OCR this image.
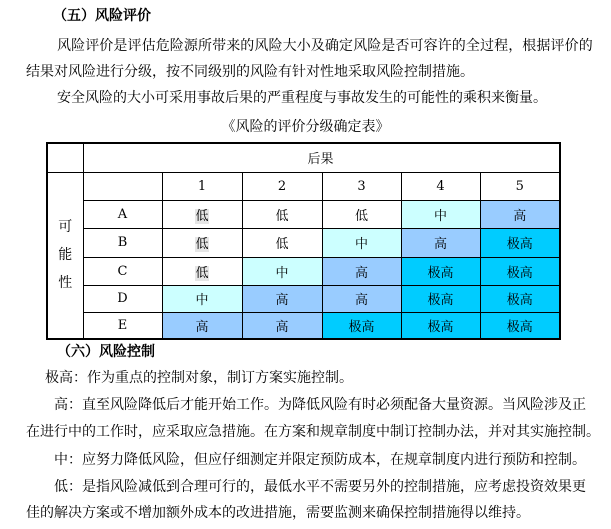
（五）风险评价
风险评价是评估危险源所带来的风险大小及确定风险是否可容许的全过程，根据评价的
结果对风险进行分级，按不同级别的风险有针对性地采取风险控制措施。
安全风险的大小可采用事故后果的严重程度与事故发生的可能性的乘积来衡量。
《风险的评价分级确定表》
	后果					

可
能
性		1	2	3	4	5
	A	低	低	低	中	高
	B	低	低	中	高	极高
	C	低	中	高	极高	极高
	D	中	高	高	极高	极高
	E	高	高	极高	极高	极高
（六）风险控制
极高：作为重点的控制对象，制订方案实施控制。
高：直至风险降低后才能开始工作。为降低风险有时必须配备大量资源。当风险涉及正
在进行中的工作时，应采取应急措施。在方案和规章制度中制订控制办法，并对其实施控制。
中：应努力降低风险，但应仔细测定并限定预防成本，在规章制度内进行预防和控制。
低：是指风险减低到合理可行的，最低水平不需要另外的控制措施，应考虑投资效果更
佳的解决方案或不增加额外成本的改进措施，需要监测来确保控制措施得以维持。
